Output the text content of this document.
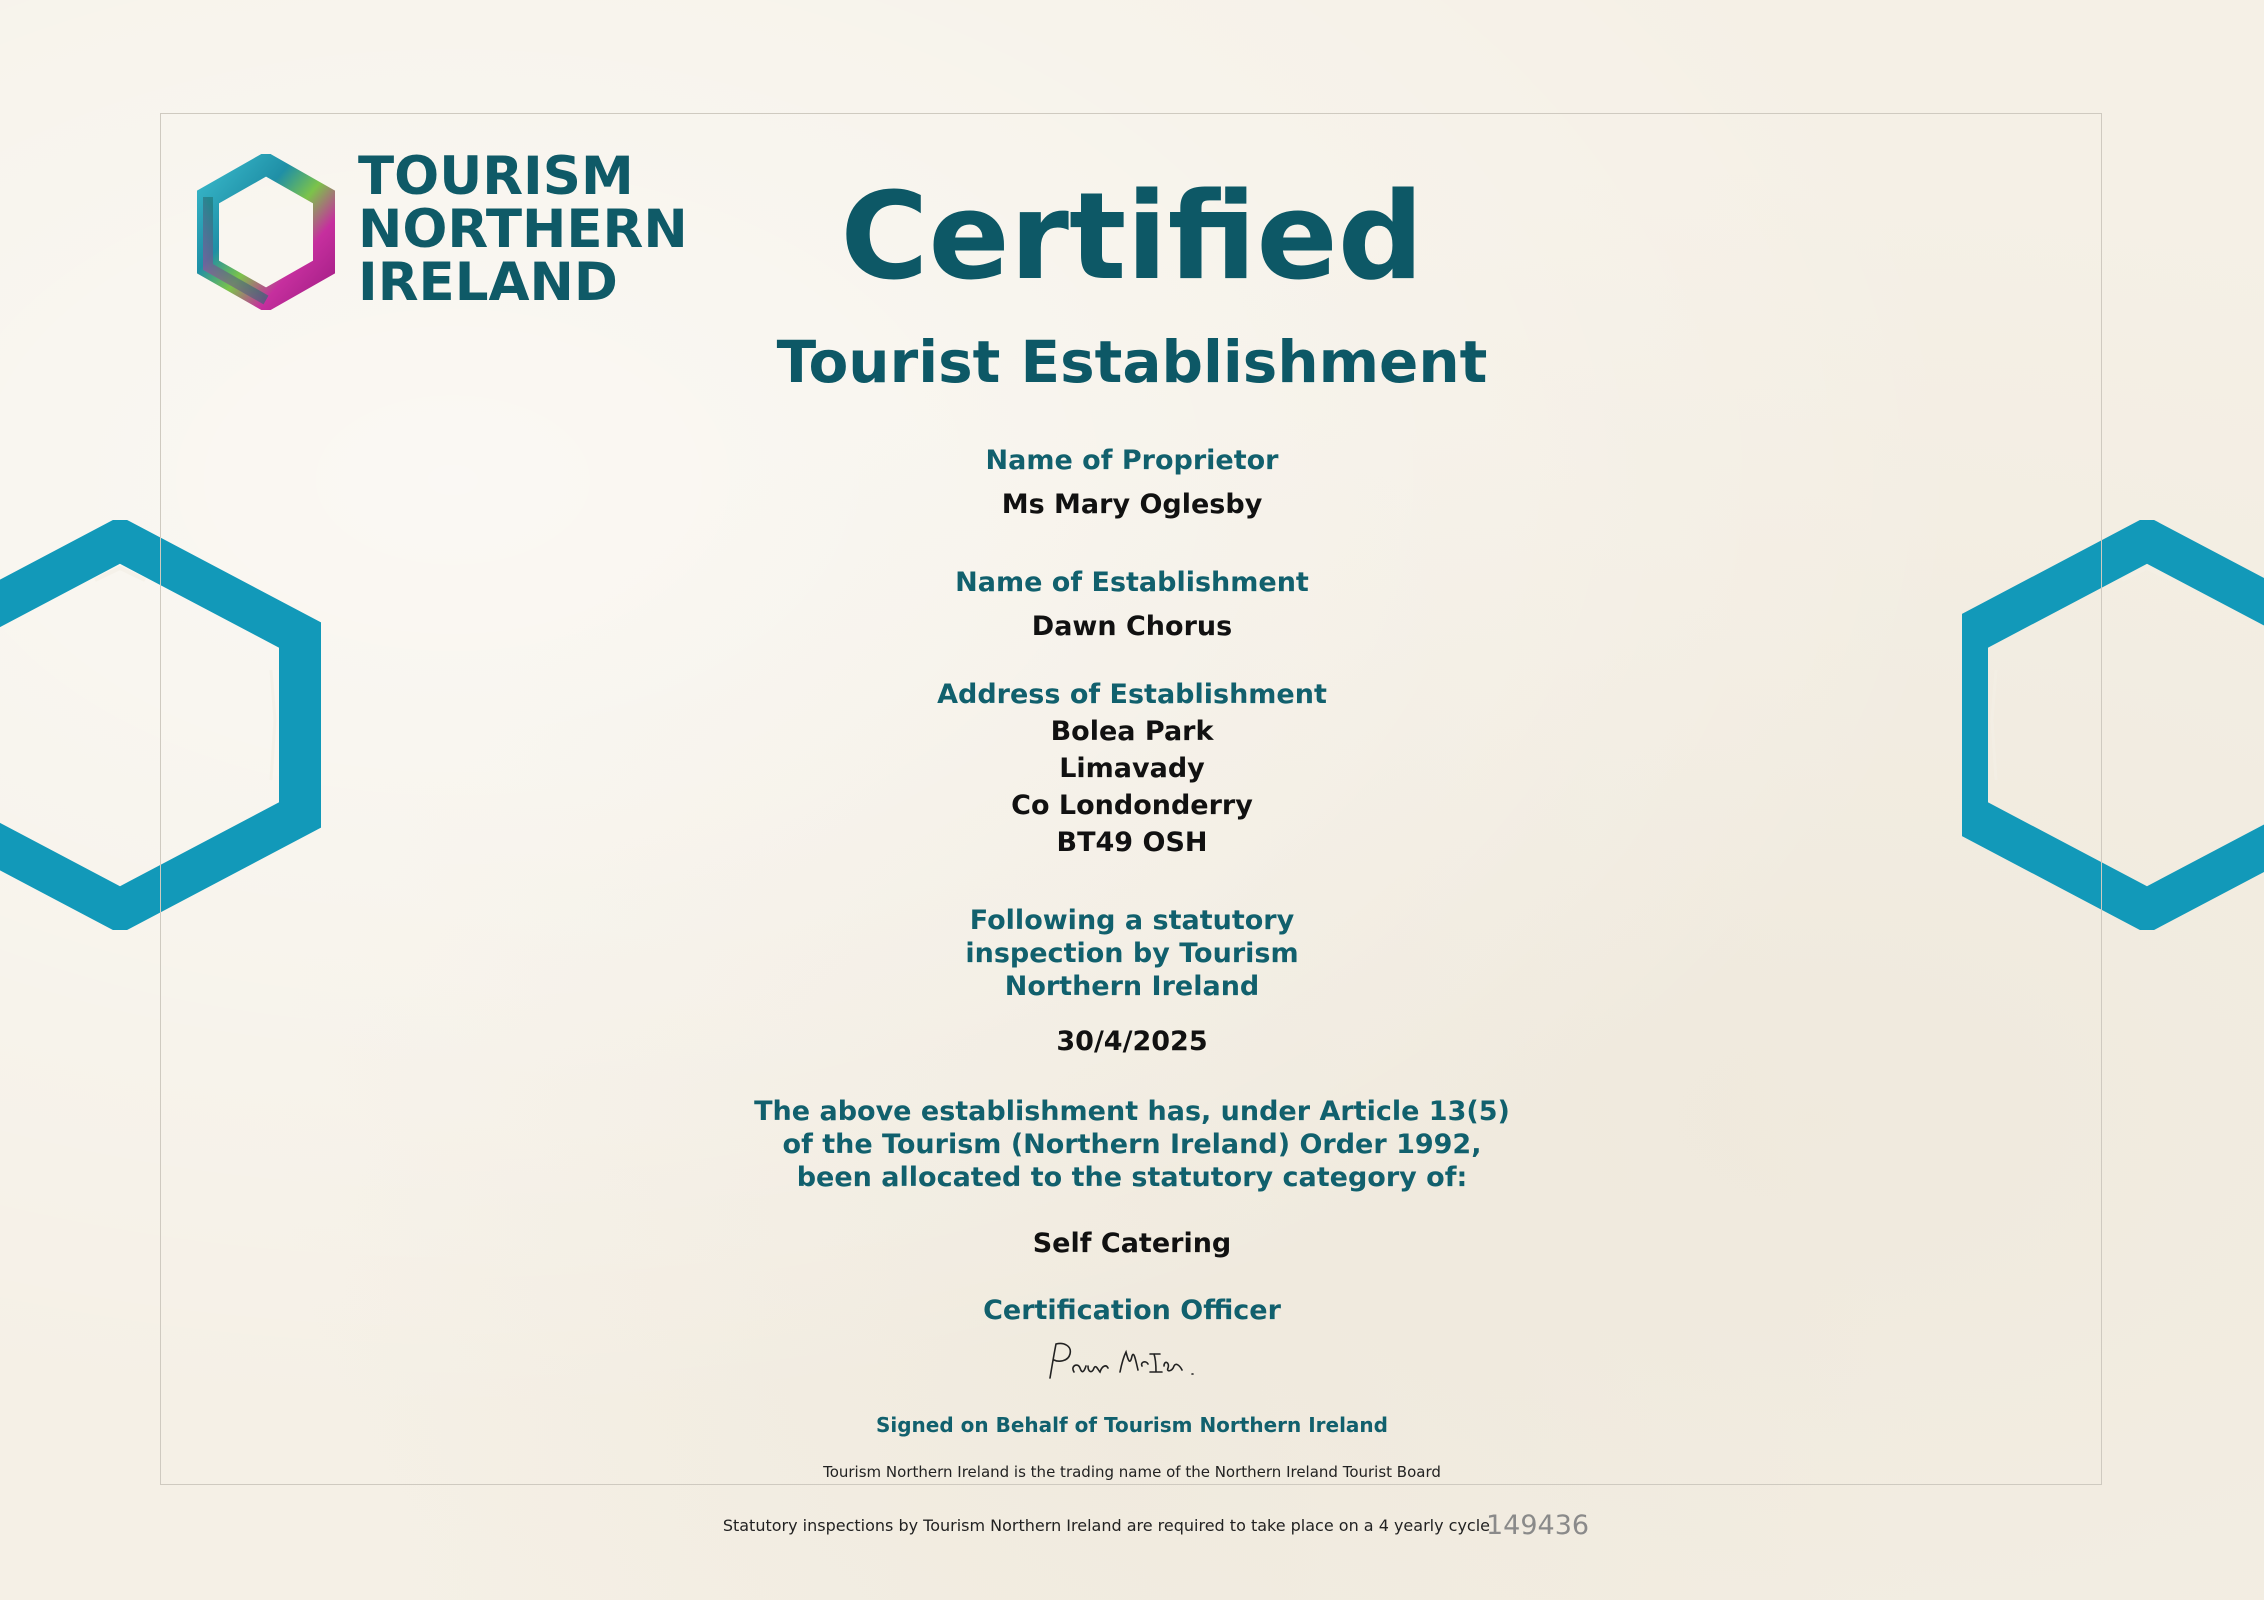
TOURISM
NORTHERN
IRELAND	Certified
Tourist Establishment
Name of Proprietor
Ms Mary Oglesby
Name of Establishment
Dawn Chorus
Address of Establishment
Bolea Park
Limavady
Co Londonderry
BT49 OSH
Following a statutory
inspection by Tourism
Northern Ireland
30/4/2025
The above establishment has, under Article 13(5)
of the Tourism (Northern Ireland) Order 1992,
been allocated to the statutory category of:
Self Catering
Certification Officer
Signed on Behalf of Tourism Northern Ireland
Tourism Northern Ireland is the trading name of the Northern Ireland Tourist Board
Statutory inspections by Tourism Northern Ireland are required to take place on a 4 yearly cycle
149436
